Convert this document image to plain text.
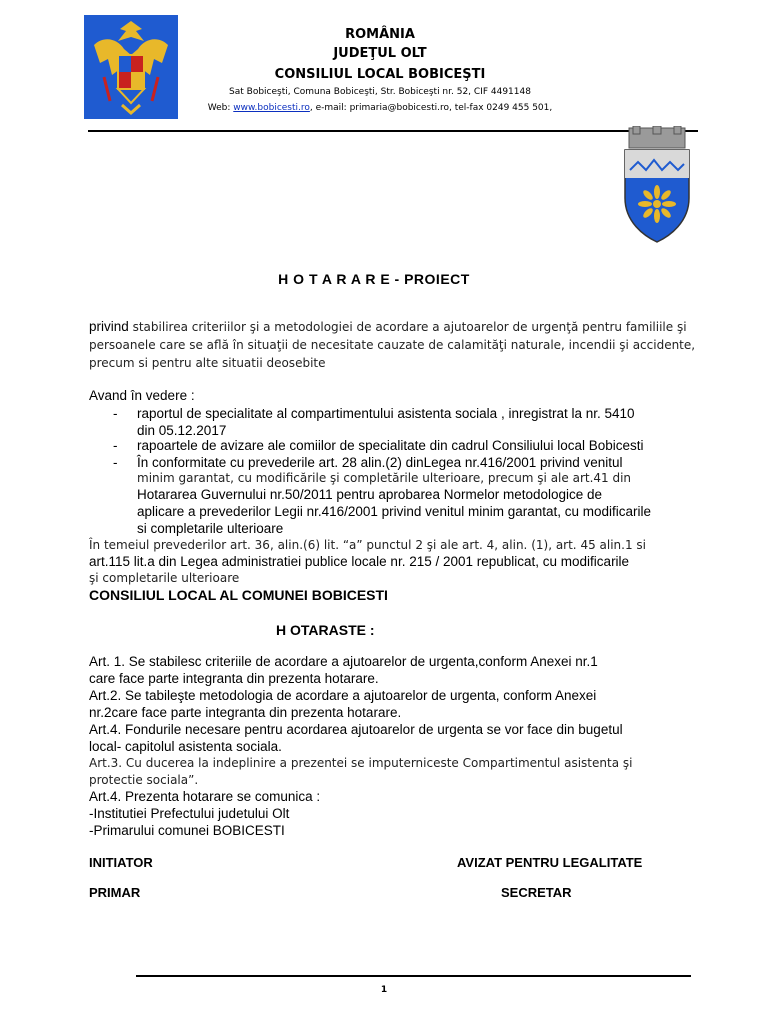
ROMÂNIA
JUDEŢUL OLT
CONSILIUL LOCAL BOBICEŞTI
Sat Bobiceşti, Comuna Bobiceşti, Str. Bobiceşti nr. 52, CIF 4491148
Web: www.bobicesti.ro, e-mail: primaria@bobicesti.ro, tel-fax 0249 455 501,
H O T A R A R E - PROIECT
privind stabilirea criteriilor şi a metodologiei de acordare a ajutoarelor de urgenţă pentru familiile şi persoanele care se află în situaţii de necesitate cauzate de calamităţi naturale, incendii şi accidente, precum si pentru alte situatii deosebite
Avand în vedere :
- raportul de specialitate al compartimentului asistenta sociala , inregistrat la nr. 5410
din 05.12.2017
- rapoartele de avizare ale comiilor de specialitate din cadrul Consiliului local Bobicesti
- În conformitate cu prevederile art. 28 alin.(2) dinLegea nr.416/2001 privind venitul
minim garantat, cu modificările şi completările ulterioare, precum şi ale art.41 din
Hotararea Guvernului nr.50/2011 pentru aprobarea Normelor metodologice de
aplicare a prevederilor Legii nr.416/2001 privind venitul minim garantat, cu modificarile
si completarile ulterioare
În temeiul prevederilor art. 36, alin.(6) lit. “a” punctul 2 şi ale art. 4, alin. (1), art. 45 alin.1 si
art.115 lit.a din Legea administratiei publice locale nr. 215 / 2001 republicat, cu modificarile
şi completarile ulterioare
CONSILIUL LOCAL AL COMUNEI BOBICESTI
H OTARASTE :
Art. 1. Se stabilesc criteriile de acordare a ajutoarelor de urgenta,conform Anexei nr.1
care face parte integranta din prezenta hotarare.
Art.2. Se tabileşte metodologia de acordare a ajutoarelor de urgenta, conform Anexei
nr.2care face parte integranta din prezenta hotarare.
Art.4. Fondurile necesare pentru acordarea ajutoarelor de urgenta se vor face din bugetul
local- capitolul asistenta sociala.
Art.3. Cu ducerea la indeplinire a prezentei se imputerniceste Compartimentul asistenta şi
protectie sociala”.
Art.4. Prezenta hotarare se comunica :
-Institutiei Prefectului judetului Olt
-Primarului comunei BOBICESTI
INITIATOR	AVIZAT PENTRU LEGALITATE
PRIMAR	SECRETAR
1
